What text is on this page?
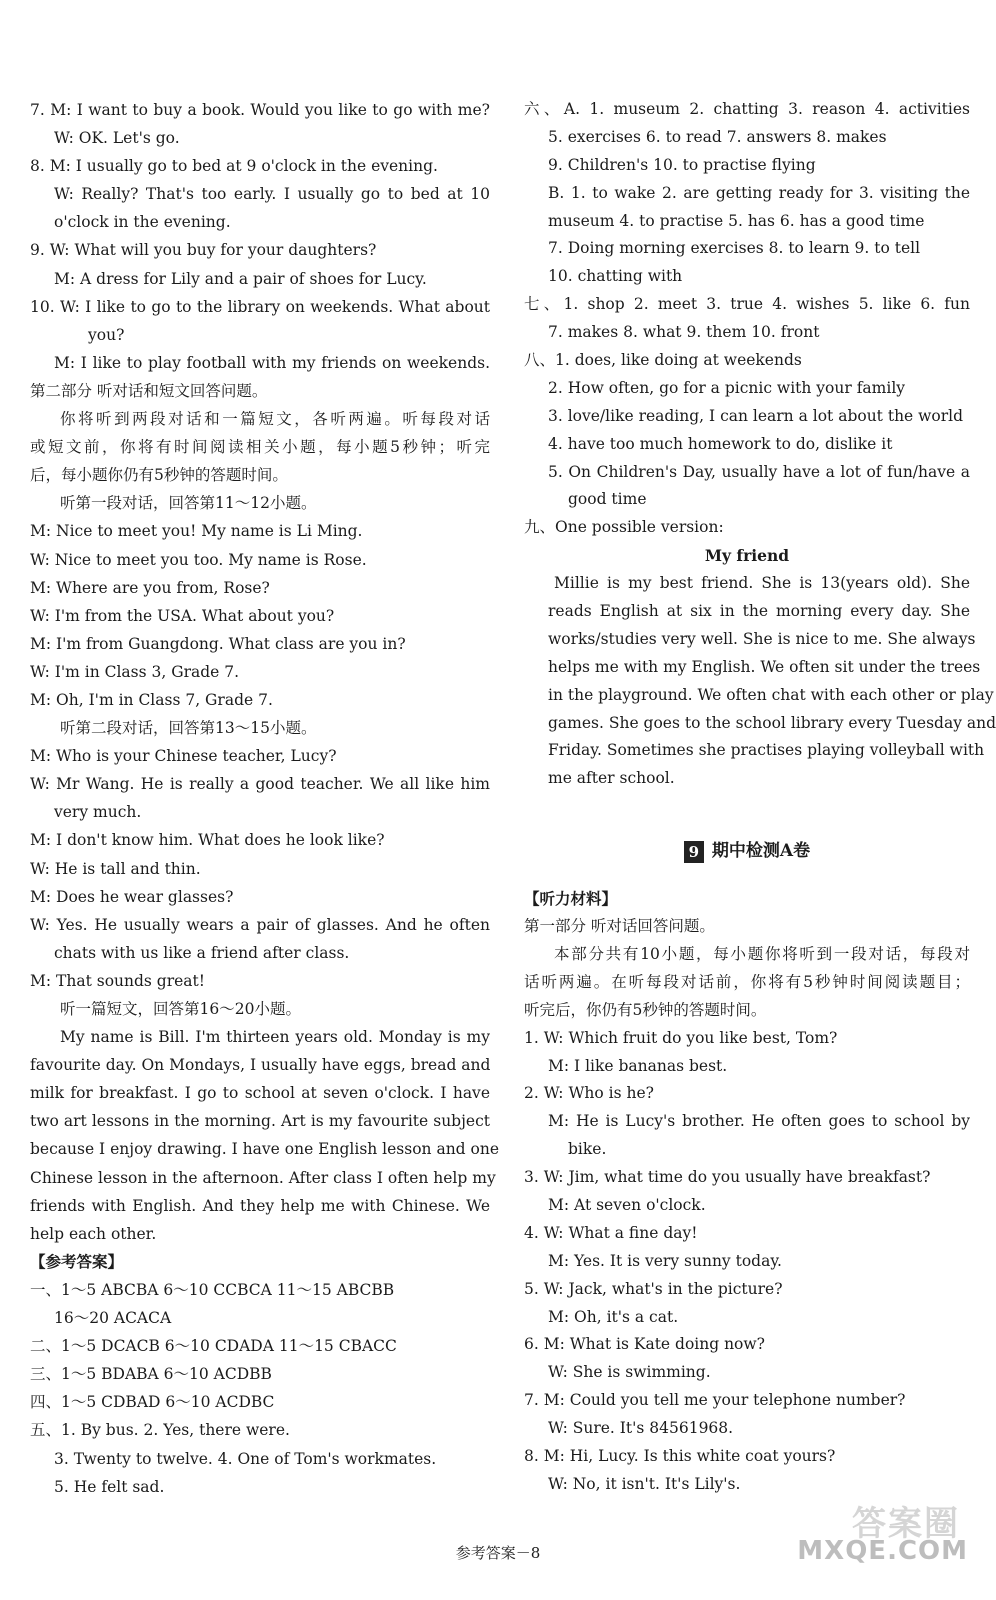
7. M: I want to buy a book. Would you like to go with me?
W: OK. Let's go.
8. M: I usually go to bed at 9 o'clock in the evening.
W: Really? That's too early. I usually go to bed at 10
o'clock in the evening.
9. W: What will you buy for your daughters?
M: A dress for Lily and a pair of shoes for Lucy.
10. W: I like to go to the library on weekends. What about
you?
M: I like to play football with my friends on weekends.
第二部分 听对话和短文回答问题。
你将听到两段对话和一篇短文，各听两遍。听每段对话
或短文前，你将有时间阅读相关小题，每小题5秒钟；听完
后，每小题你仍有5秒钟的答题时间。
听第一段对话，回答第11～12小题。
M: Nice to meet you! My name is Li Ming.
W: Nice to meet you too. My name is Rose.
M: Where are you from, Rose?
W: I'm from the USA. What about you?
M: I'm from Guangdong. What class are you in?
W: I'm in Class 3, Grade 7.
M: Oh, I'm in Class 7, Grade 7.
听第二段对话，回答第13～15小题。
M: Who is your Chinese teacher, Lucy?
W: Mr Wang. He is really a good teacher. We all like him
very much.
M: I don't know him. What does he look like?
W: He is tall and thin.
M: Does he wear glasses?
W: Yes. He usually wears a pair of glasses. And he often
chats with us like a friend after class.
M: That sounds great!
听一篇短文，回答第16～20小题。
My name is Bill. I'm thirteen years old. Monday is my
favourite day. On Mondays, I usually have eggs, bread and
milk for breakfast. I go to school at seven o'clock. I have
two art lessons in the morning. Art is my favourite subject
because I enjoy drawing. I have one English lesson and one
Chinese lesson in the afternoon. After class I often help my
friends with English. And they help me with Chinese. We
help each other.
【参考答案】
一、1～5 ABCBA 6～10 CCBCA 11～15 ABCBB
16～20 ACACA
二、1～5 DCACB 6～10 CDADA 11～15 CBACC
三、1～5 BDABA 6～10 ACDBB
四、1～5 CDBAD 6～10 ACDBC
五、1. By bus. 2. Yes, there were.
3. Twenty to twelve. 4. One of Tom's workmates.
5. He felt sad.
六、A. 1. museum 2. chatting 3. reason 4. activities
5. exercises 6. to read 7. answers 8. makes
9. Children's 10. to practise flying
B. 1. to wake 2. are getting ready for 3. visiting the
museum 4. to practise 5. has 6. has a good time
7. Doing morning exercises 8. to learn 9. to tell
10. chatting with
七、1. shop 2. meet 3. true 4. wishes 5. like 6. fun
7. makes 8. what 9. them 10. front
八、1. does, like doing at weekends
2. How often, go for a picnic with your family
3. love/like reading, I can learn a lot about the world
4. have too much homework to do, dislike it
5. On Children's Day, usually have a lot of fun/have a
good time
九、One possible version:
My friend
Millie is my best friend. She is 13(years old). She
reads English at six in the morning every day. She
works/studies very well. She is nice to me. She always
helps me with my English. We often sit under the trees
in the playground. We often chat with each other or play
games. She goes to the school library every Tuesday and
Friday. Sometimes she practises playing volleyball with
me after school.
9 期中检测A卷
【听力材料】
第一部分 听对话回答问题。
本部分共有10小题，每小题你将听到一段对话，每段对
话听两遍。在听每段对话前，你将有5秒钟时间阅读题目；
听完后，你仍有5秒钟的答题时间。
1. W: Which fruit do you like best, Tom?
M: I like bananas best.
2. W: Who is he?
M: He is Lucy's brother. He often goes to school by
bike.
3. W: Jim, what time do you usually have breakfast?
M: At seven o'clock.
4. W: What a fine day!
M: Yes. It is very sunny today.
5. W: Jack, what's in the picture?
M: Oh, it's a cat.
6. M: What is Kate doing now?
W: She is swimming.
7. M: Could you tell me your telephone number?
W: Sure. It's 84561968.
8. M: Hi, Lucy. Is this white coat yours?
W: No, it isn't. It's Lily's.
参考答案－8
答案圈
MXQE.COM
